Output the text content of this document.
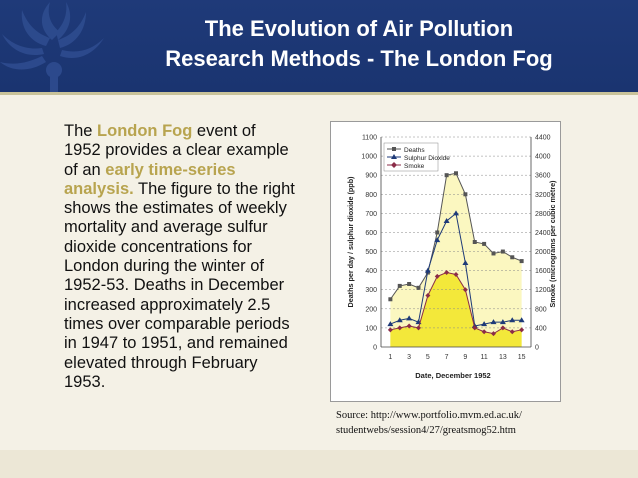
The Evolution of Air Pollution
Research Methods - The London Fog
The London Fog event of 1952 provides a clear example of an early time-series analysis. The figure to the right shows the estimates of weekly mortality and average sulfur dioxide concentrations for London during the winter of 1952-53. Deaths in December increased approximately 2.5 times over comparable periods in 1947 to 1951, and remained elevated through February 1953.
Deaths per day / sulphur dioxide (ppb)	Smoke (micrograms per cubic metre)
Date, December 1952
0
100
200
300
400
500
600
700
800
900
1000
1100
0
400
800
1200
1600
2000
2400
2800
3200
3600
4000
4400
1 3 5 7 9 11 13 15
Deaths
Sulphur Dioxide
Smoke
Source: http://www.portfolio.mvm.ed.ac.uk/
studentwebs/session4/27/greatsmog52.htm
